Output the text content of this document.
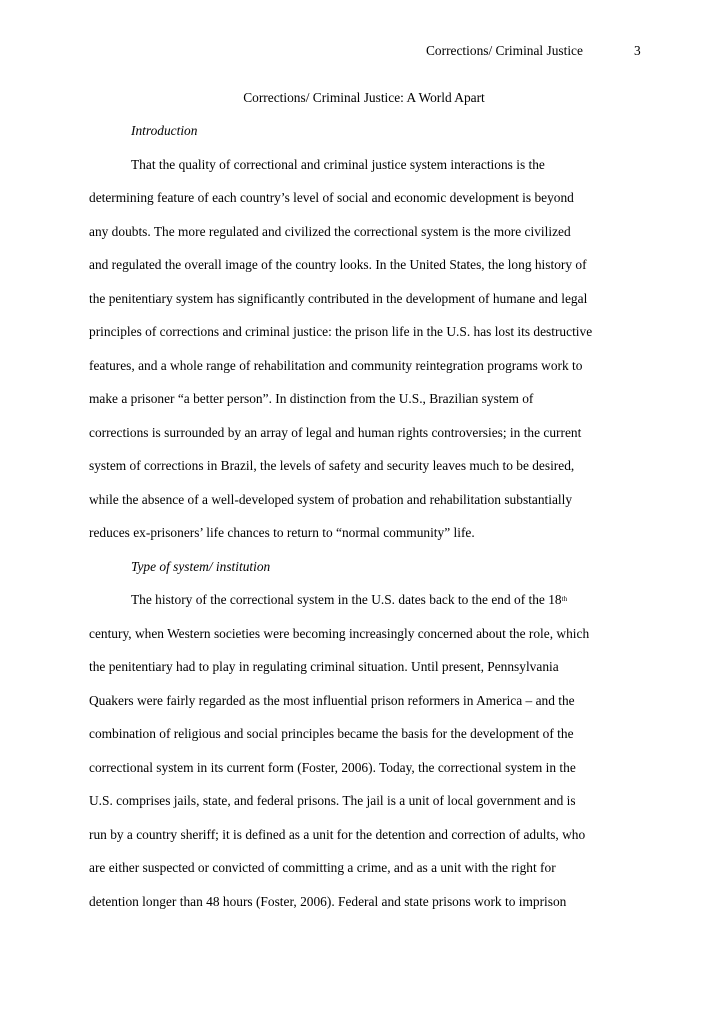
Corrections/ Criminal Justice	3
Corrections/ Criminal Justice: A World Apart
Introduction
That the quality of correctional and criminal justice system interactions is the
determining feature of each country’s level of social and economic development is beyond
any doubts. The more regulated and civilized the correctional system is the more civilized
and regulated the overall image of the country looks. In the United States, the long history of
the penitentiary system has significantly contributed in the development of humane and legal
principles of corrections and criminal justice: the prison life in the U.S. has lost its destructive
features, and a whole range of rehabilitation and community reintegration programs work to
make a prisoner “a better person”. In distinction from the U.S., Brazilian system of
corrections is surrounded by an array of legal and human rights controversies; in the current
system of corrections in Brazil, the levels of safety and security leaves much to be desired,
while the absence of a well-developed system of probation and rehabilitation substantially
reduces ex-prisoners’ life chances to return to “normal community” life.
Type of system/ institution
The history of the correctional system in the U.S. dates back to the end of the 18th
century, when Western societies were becoming increasingly concerned about the role, which
the penitentiary had to play in regulating criminal situation. Until present, Pennsylvania
Quakers were fairly regarded as the most influential prison reformers in America – and the
combination of religious and social principles became the basis for the development of the
correctional system in its current form (Foster, 2006). Today, the correctional system in the
U.S. comprises jails, state, and federal prisons. The jail is a unit of local government and is
run by a country sheriff; it is defined as a unit for the detention and correction of adults, who
are either suspected or convicted of committing a crime, and as a unit with the right for
detention longer than 48 hours (Foster, 2006). Federal and state prisons work to imprison
